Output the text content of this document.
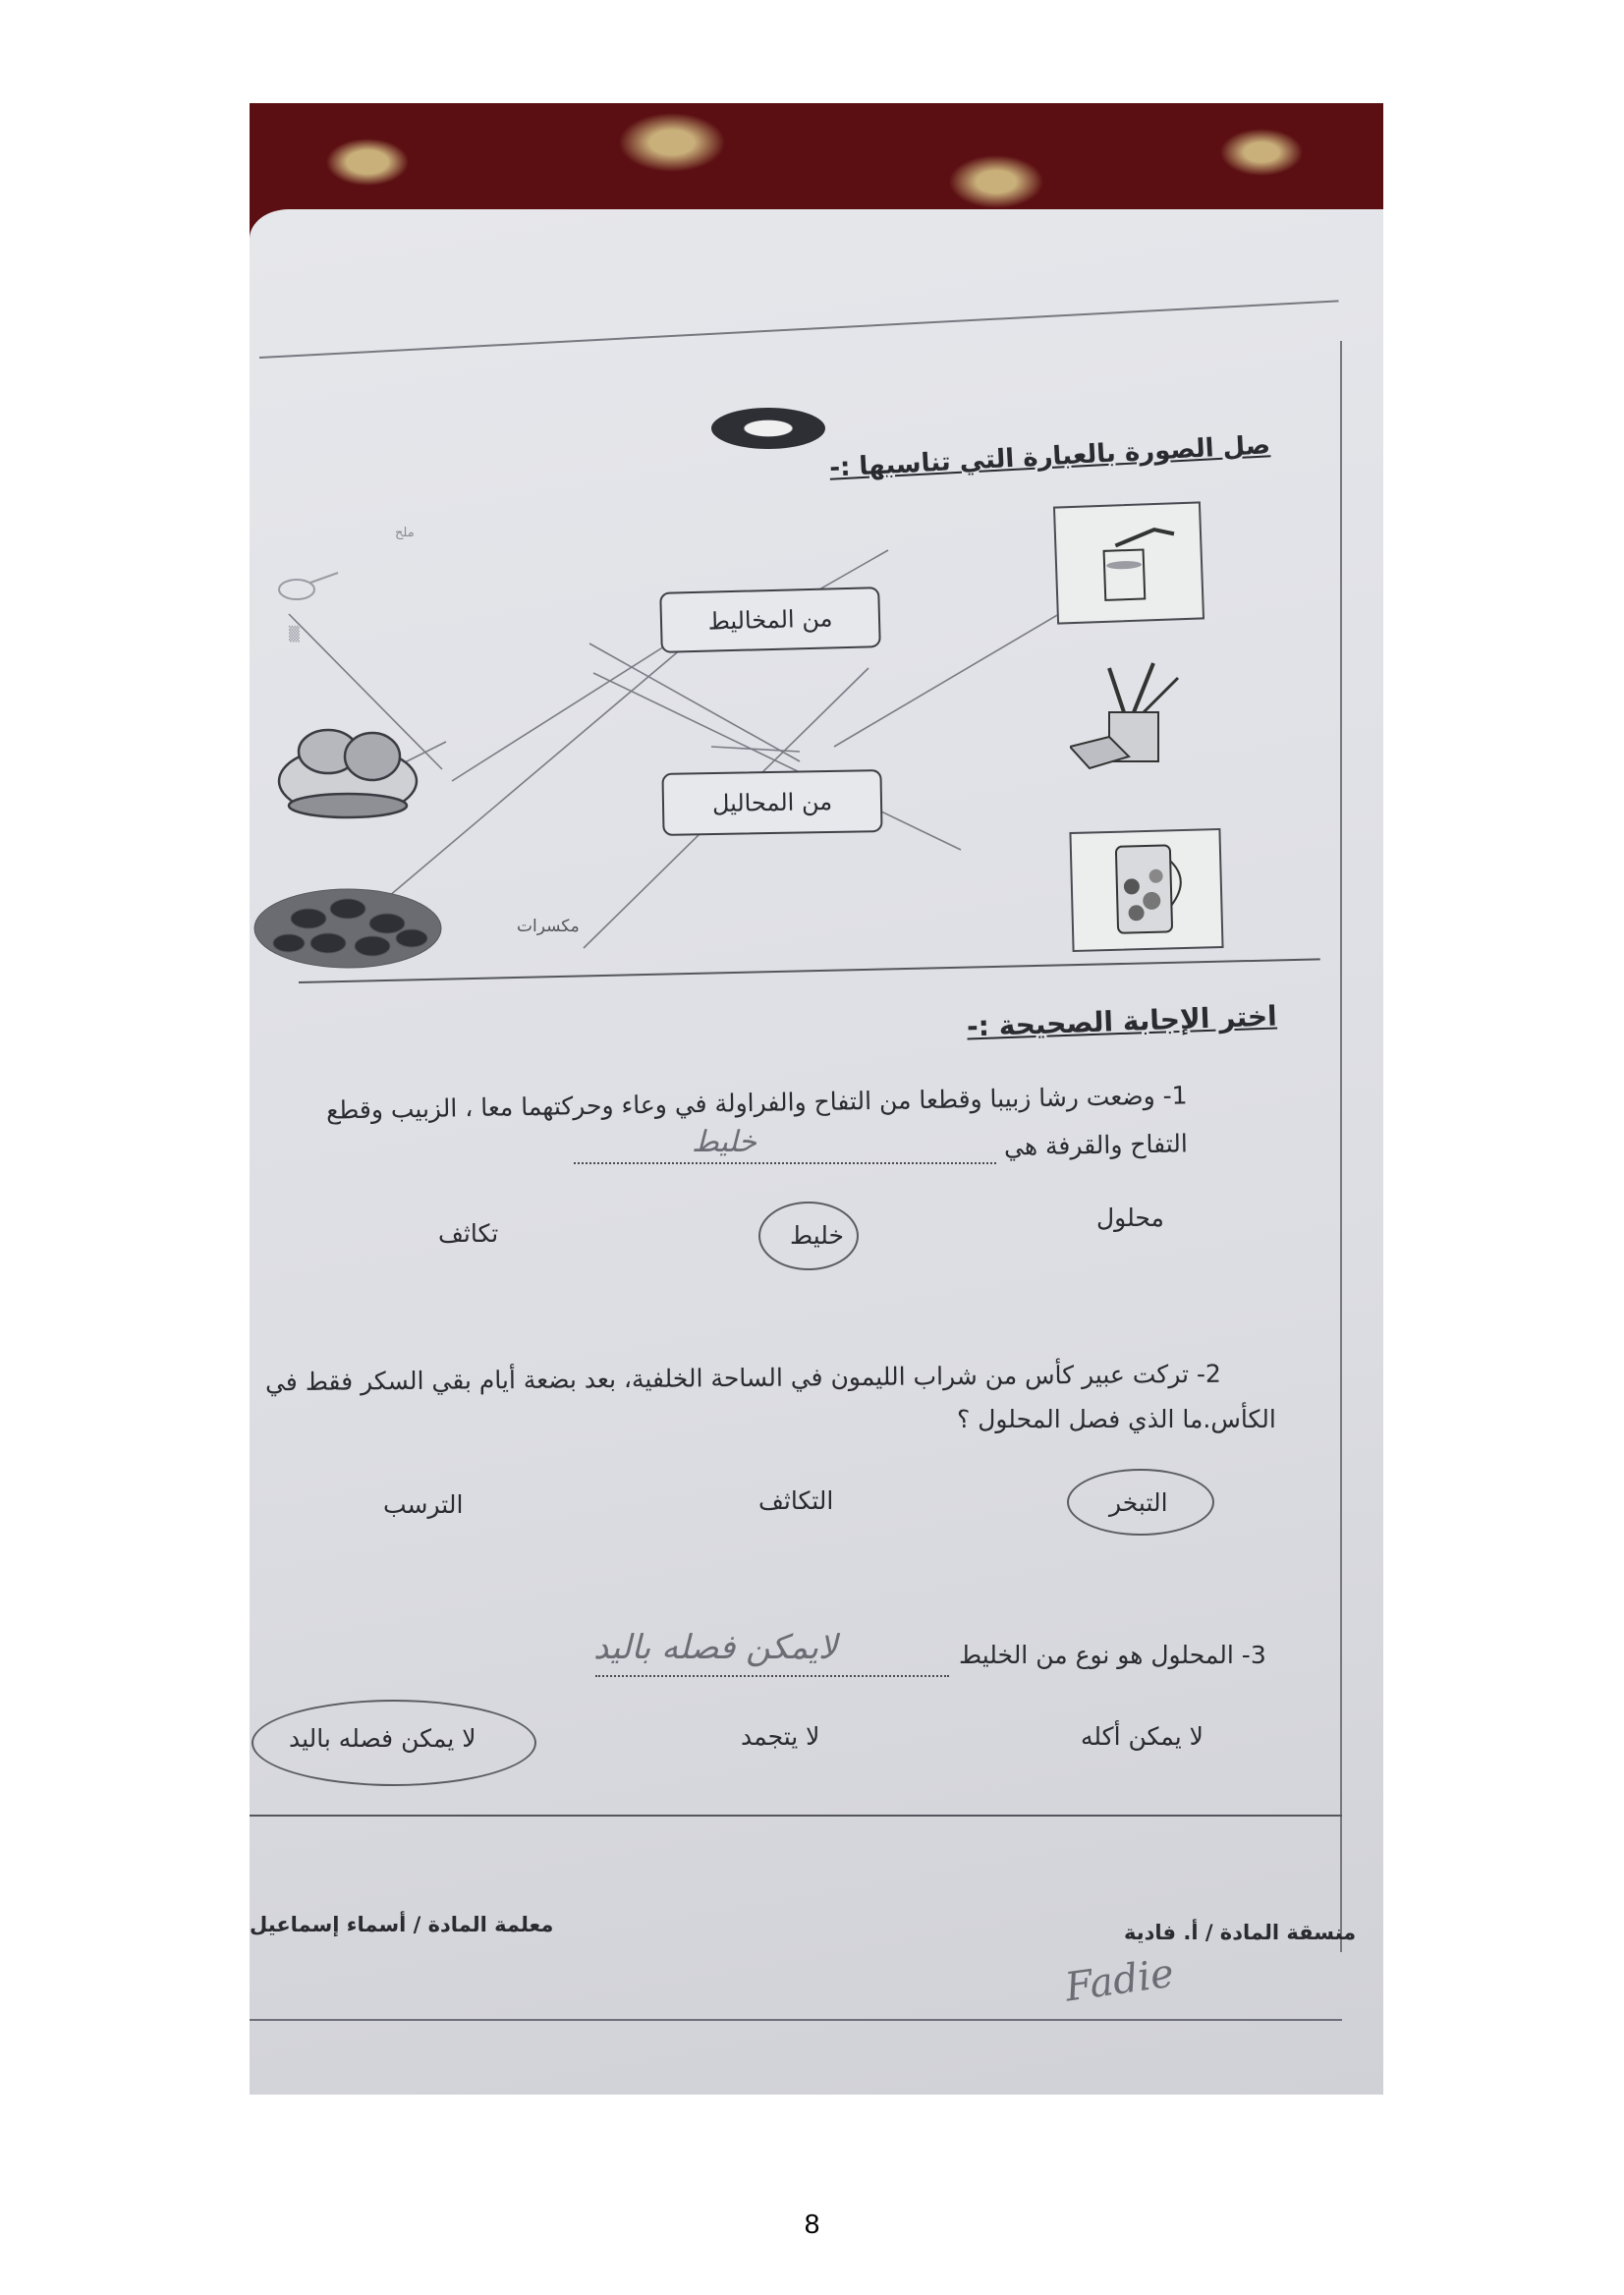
▒
صل الصورة بالعبارة التي تناسبها :-
ملح
من المخاليط
من المحاليل
مكسرات
اختر الإجابة الصحيحة :-
1- وضعت رشا زبيبا وقطعا من التفاح والفراولة في وعاء وحركتهما معا ، الزبيب وقطع
التفاح والقرفة هي
خليط
محلول
خليط
تكاثف
2- تركت عبير كأس من شراب الليمون في الساحة الخلفية، بعد بضعة أيام بقي السكر فقط في
الكأس.ما الذي فصل المحلول ؟
التبخر
التكاثف
الترسب
3- المحلول هو نوع من الخليط
لايمكن فصله باليد
لا يمكن أكله
لا يتجمد
لا يمكن فصله باليد
منسقة المادة / أ. فادية
معلمة المادة / أسماء إسماعيل
Fadie
8
